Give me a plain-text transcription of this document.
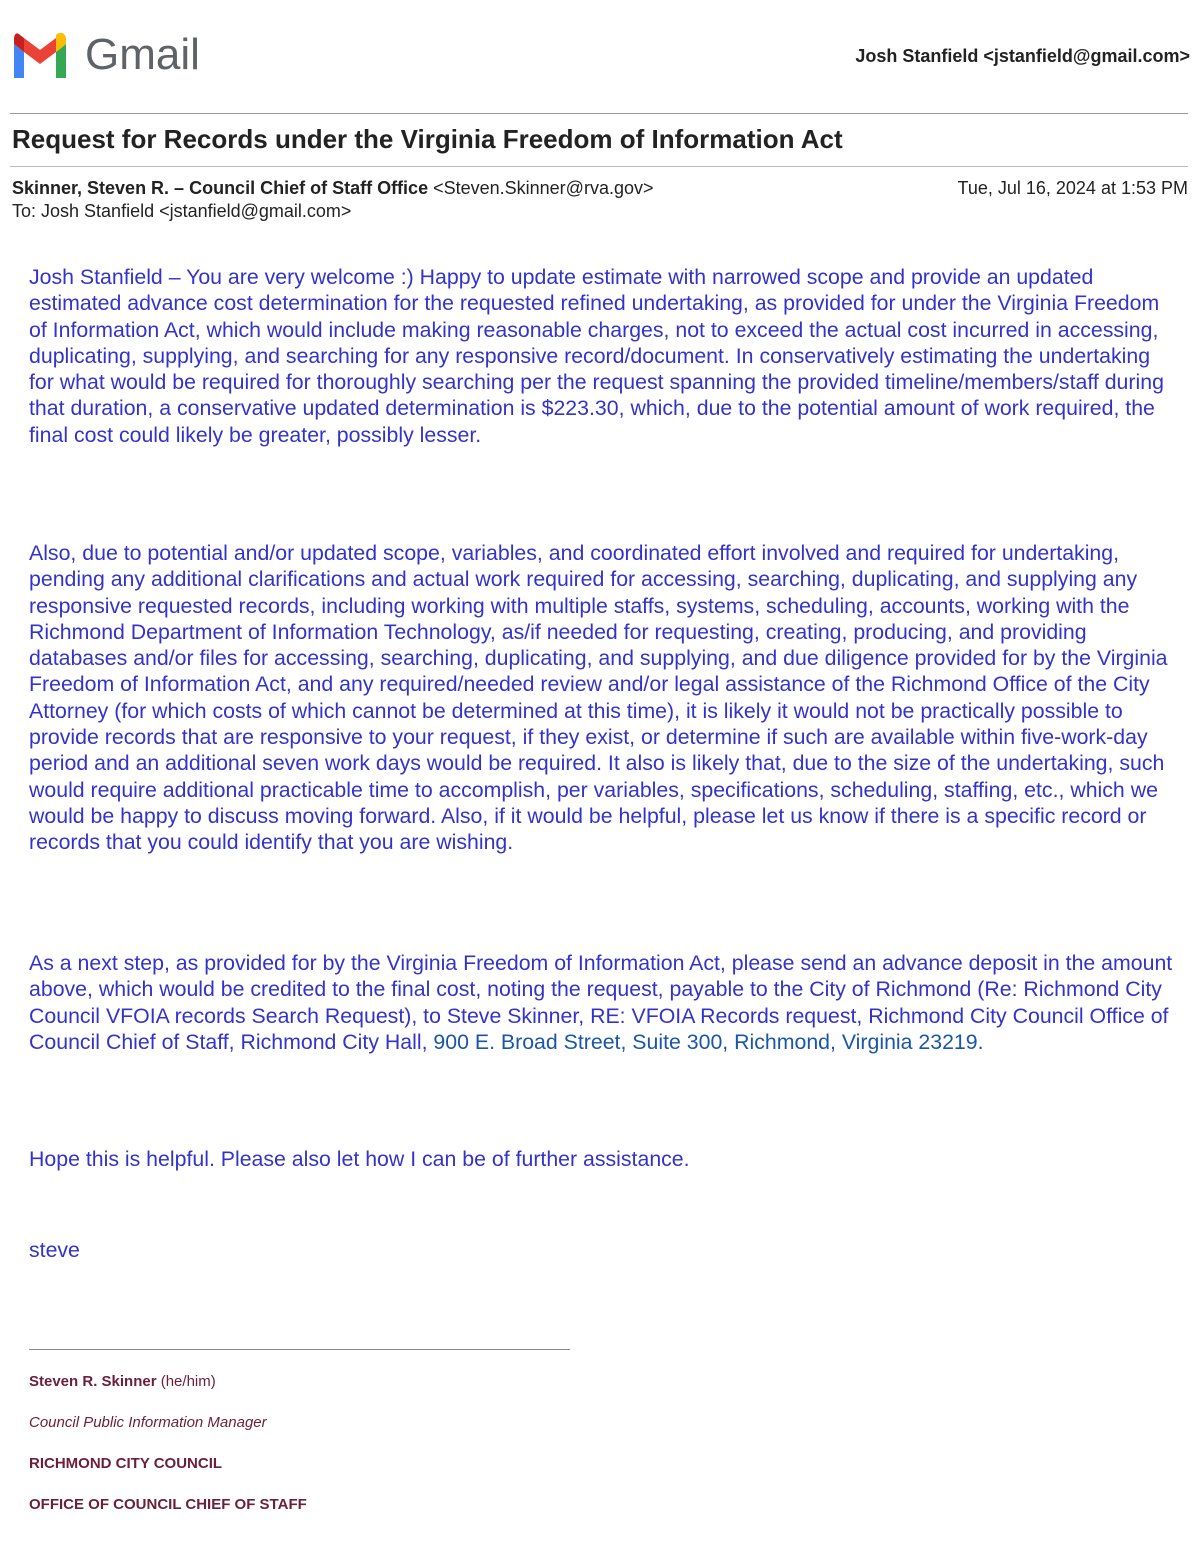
Gmail	Josh Stanfield <jstanfield@gmail.com>
Request for Records under the Virginia Freedom of Information Act
Skinner, Steven R. – Council Chief of Staff Office <Steven.Skinner@rva.gov>	Tue, Jul 16, 2024 at 1:53 PM
To: Josh Stanfield <jstanfield@gmail.com>

Josh Stanfield – You are very welcome :) Happy to update estimate with narrowed scope and provide an updated estimated advance cost determination for the requested refined undertaking, as provided for under the Virginia Freedom of Information Act, which would include making reasonable charges, not to exceed the actual cost incurred in accessing, duplicating, supplying, and searching for any responsive record/document. In conservatively estimating the undertaking for what would be required for thoroughly searching per the request spanning the provided timeline/members/staff during that duration, a conservative updated determination is $223.30, which, due to the potential amount of work required, the final cost could likely be greater, possibly lesser.

Also, due to potential and/or updated scope, variables, and coordinated effort involved and required for undertaking, pending any additional clarifications and actual work required for accessing, searching, duplicating, and supplying any responsive requested records, including working with multiple staffs, systems, scheduling, accounts, working with the Richmond Department of Information Technology, as/if needed for requesting, creating, producing, and providing databases and/or files for accessing, searching, duplicating, and supplying, and due diligence provided for by the Virginia Freedom of Information Act, and any required/needed review and/or legal assistance of the Richmond Office of the City Attorney (for which costs of which cannot be determined at this time), it is likely it would not be practically possible to provide records that are responsive to your request, if they exist, or determine if such are available within five-work-day period and an additional seven work days would be required. It also is likely that, due to the size of the undertaking, such would require additional practicable time to accomplish, per variables, specifications, scheduling, staffing, etc., which we would be happy to discuss moving forward. Also, if it would be helpful, please let us know if there is a specific record or records that you could identify that you are wishing.

As a next step, as provided for by the Virginia Freedom of Information Act, please send an advance deposit in the amount above, which would be credited to the final cost, noting the request, payable to the City of Richmond (Re: Richmond City Council VFOIA records Search Request), to Steve Skinner, RE: VFOIA Records request, Richmond City Council Office of Council Chief of Staff, Richmond City Hall, 900 E. Broad Street, Suite 300, Richmond, Virginia 23219.

Hope this is helpful. Please also let how I can be of further assistance.

steve

Steven R. Skinner (he/him)
Council Public Information Manager
RICHMOND CITY COUNCIL
OFFICE OF COUNCIL CHIEF OF STAFF
